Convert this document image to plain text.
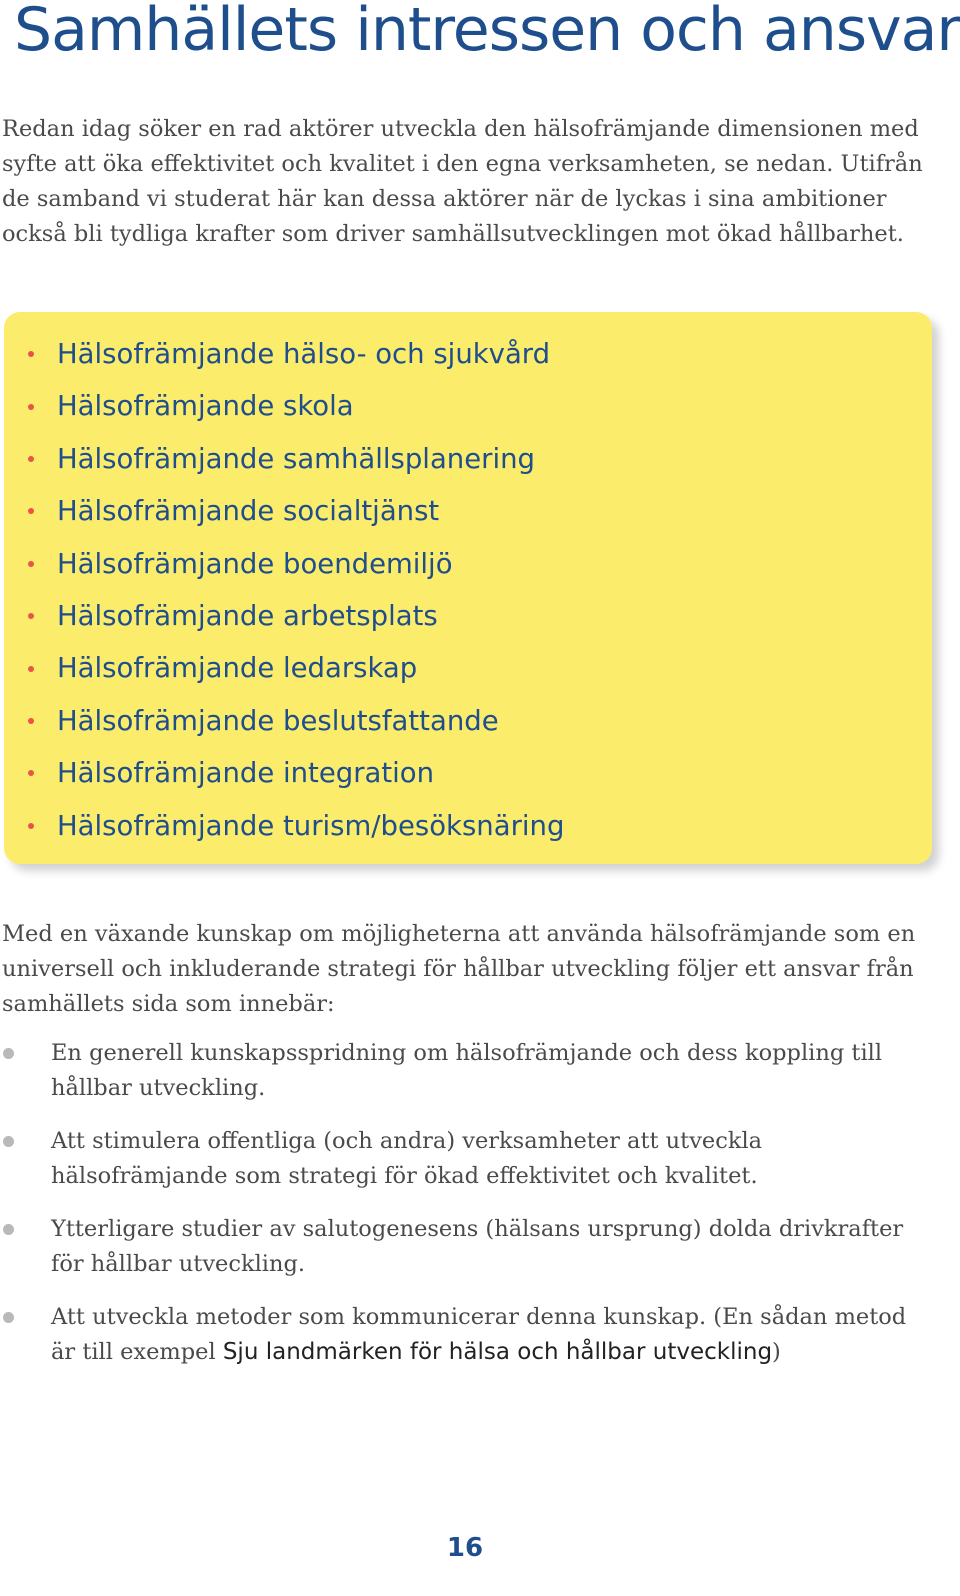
Samhällets intressen och ansvar

Redan idag söker en rad aktörer utveckla den hälsofrämjande dimensionen med syfte att öka effektivitet och kvalitet i den egna verksamheten, se nedan. Utifrån de samband vi studerat här kan dessa aktörer när de lyckas i sina ambitioner också bli tydliga krafter som driver samhällsutvecklingen mot ökad hållbarhet.

Hälsofrämjande hälso- och sjukvård
Hälsofrämjande skola
Hälsofrämjande samhällsplanering
Hälsofrämjande socialtjänst
Hälsofrämjande boendemiljö
Hälsofrämjande arbetsplats
Hälsofrämjande ledarskap
Hälsofrämjande beslutsfattande
Hälsofrämjande integration
Hälsofrämjande turism/besöksnäring

Med en växande kunskap om möjligheterna att använda hälsofrämjande som en universell och inkluderande strategi för hållbar utveckling följer ett ansvar från samhällets sida som innebär:

En generell kunskapsspridning om hälsofrämjande och dess koppling till hållbar utveckling.
Att stimulera offentliga (och andra) verksamheter att utveckla hälsofrämjande som strategi för ökad effektivitet och kvalitet.
Ytterligare studier av salutogenesens (hälsans ursprung) dolda drivkrafter för hållbar utveckling.
Att utveckla metoder som kommunicerar denna kunskap. (En sådan metod är till exempel Sju landmärken för hälsa och hållbar utveckling)
16
